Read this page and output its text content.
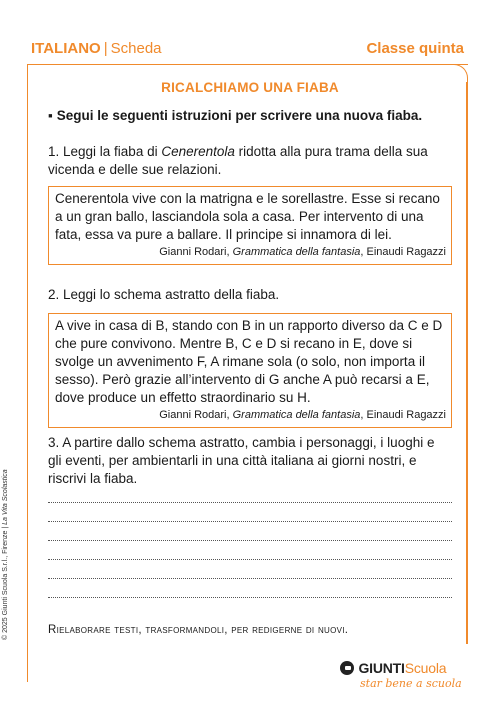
ITALIANO | Scheda	Classe quinta
RICALCHIAMO UNA FIABA
▪ Segui le seguenti istruzioni per scrivere una nuova fiaba.
1. Leggi la fiaba di Cenerentola ridotta alla pura trama della sua vicenda e delle sue relazioni.
Cenerentola vive con la matrigna e le sorellastre. Esse si recano a un gran ballo, lasciandola sola a casa. Per intervento di una fata, essa va pure a ballare. Il principe si innamora di lei.
Gianni Rodari, Grammatica della fantasia, Einaudi Ragazzi
2. Leggi lo schema astratto della fiaba.
A vive in casa di B, stando con B in un rapporto diverso da C e D che pure convivono. Mentre B, C e D si recano in E, dove si svolge un avvenimento F, A rimane sola (o solo, non importa il sesso). Però grazie all’intervento di G anche A può recarsi a E, dove produce un effetto straordinario su H.
Gianni Rodari, Grammatica della fantasia, Einaudi Ragazzi
3. A partire dallo schema astratto, cambia i personaggi, i luoghi e gli eventi, per ambientarli in una città italiana ai giorni nostri, e riscrivi la fiaba.
Rielaborare testi, trasformandoli, per redigerne di nuovi.
© 2025 Giunti Scuola S.r.l., Firenze | La Vita Scolastica
GIUNTIScuola
star bene a scuola
